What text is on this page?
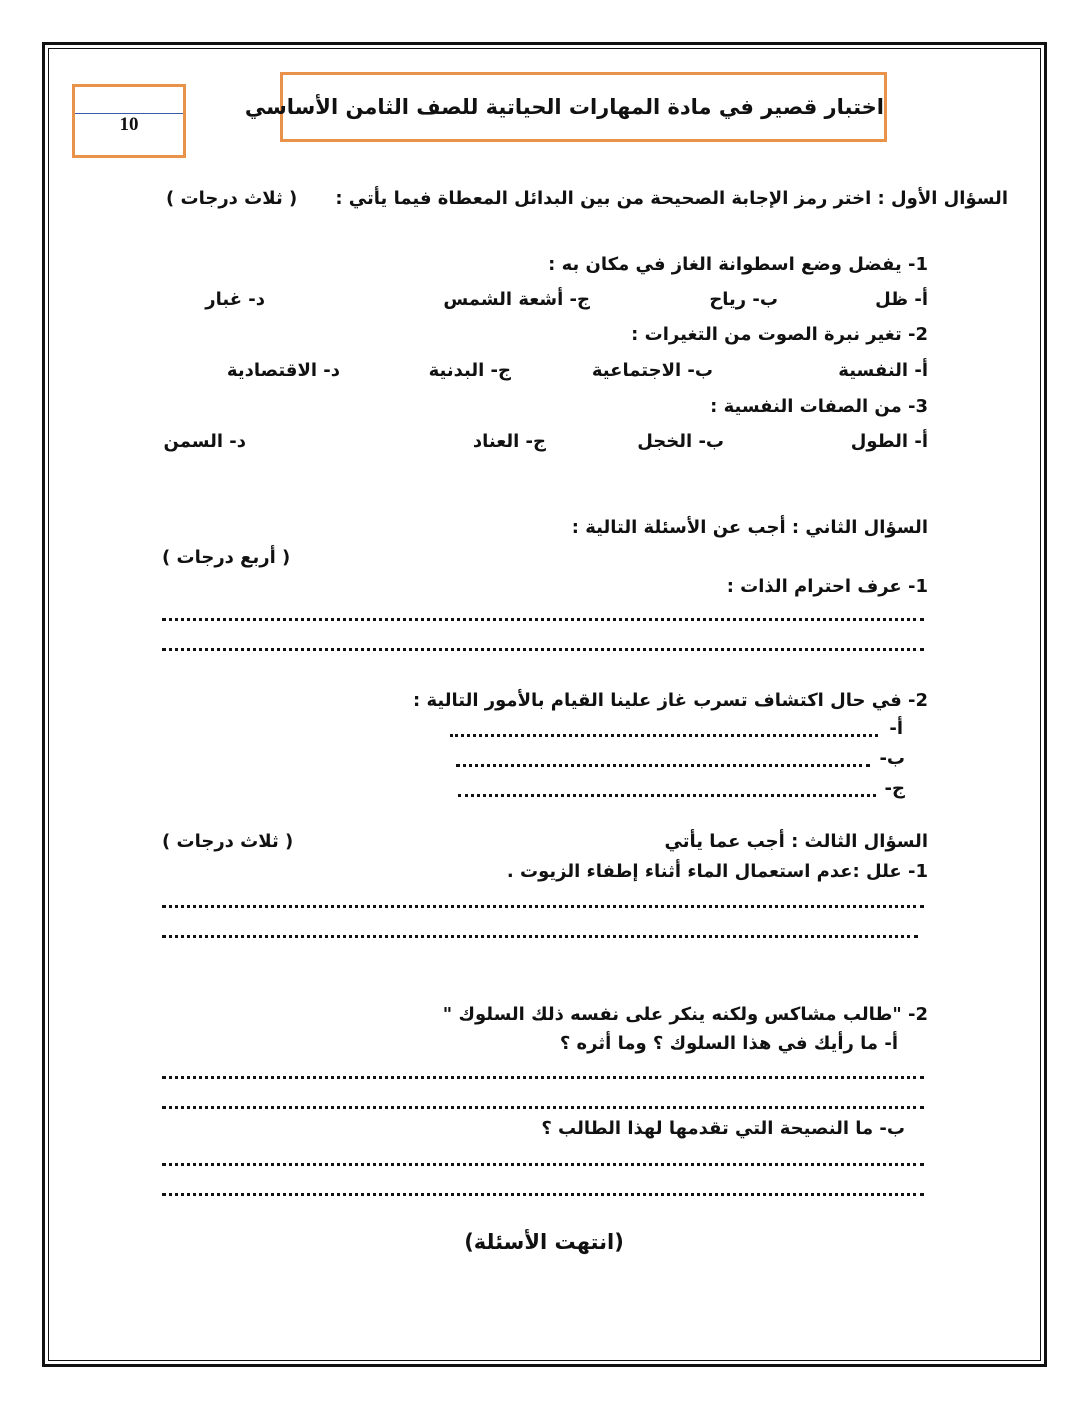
10
اختبار قصير في مادة المهارات الحياتية للصف الثامن الأساسي
السؤال الأول : اختر رمز الإجابة الصحيحة من بين البدائل المعطاة فيما يأتي :
( ثلاث درجات )
1- يفضل وضع اسطوانة الغاز في مكان به :
أ- ظل
ب- رياح
ج- أشعة الشمس
د- غبار
2- تغير نبرة الصوت من التغيرات :
أ- النفسية
ب- الاجتماعية
ج- البدنية
د- الاقتصادية
3- من الصفات النفسية :
أ- الطول
ب- الخجل
ج- العناد
د- السمن
السؤال الثاني : أجب عن الأسئلة التالية :
( أربع درجات )
1- عرف احترام الذات :
2- في حال اكتشاف تسرب غاز علينا القيام بالأمور التالية :
أ-
ب-
ج-
السؤال الثالث : أجب عما يأتي
( ثلاث درجات )
1- علل :عدم استعمال الماء أثناء إطفاء الزيوت .
2- "طالب مشاكس ولكنه ينكر على نفسه ذلك السلوك "
أ- ما رأيك في هذا السلوك ؟ وما أثره ؟
ب- ما النصيحة التي تقدمها لهذا الطالب ؟
(انتهت الأسئلة)
